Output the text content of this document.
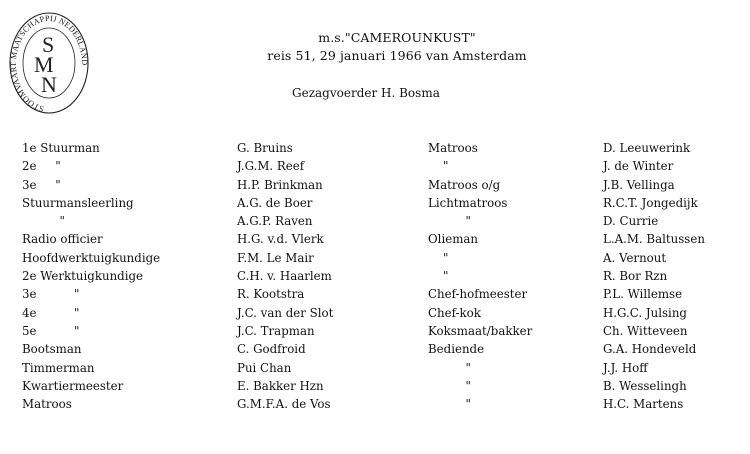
STOOMVAART MAATSCHAPPIJ NEDERLAND
S
M
N
m.s."CAMEROUNKUST"
reis 51, 29 januari 1966 van Amsterdam
Gezagvoerder H. Bosma
1e Stuurman	G. Bruins	Matroos	D. Leeuwerink
2e     "	J.G.M. Reef	"	J. de Winter
3e     "	H.P. Brinkman	Matroos o/g	J.B. Vellinga
Stuurmansleerling	A.G. de Boer	Lichtmatroos	R.C.T. Jongedijk
"	A.G.P. Raven	"	D. Currie
Radio officier	H.G. v.d. Vlerk	Olieman	L.A.M. Baltussen
Hoofdwerktuigkundige	F.M. Le Mair	"	A. Vernout
2e Werktuigkundige	C.H. v. Haarlem	"	R. Bor Rzn
3e          "	R. Kootstra	Chef-hofmeester	P.L. Willemse
4e          "	J.C. van der Slot	Chef-kok	H.G.C. Julsing
5e          "	J.C. Trapman	Koksmaat/bakker	Ch. Witteveen
Bootsman	C. Godfroid	Bediende	G.A. Hondeveld
Timmerman	Pui Chan	"	J.J. Hoff
Kwartiermeester	E. Bakker Hzn	"	B. Wesselingh
Matroos	G.M.F.A. de Vos	"	H.C. Martens
